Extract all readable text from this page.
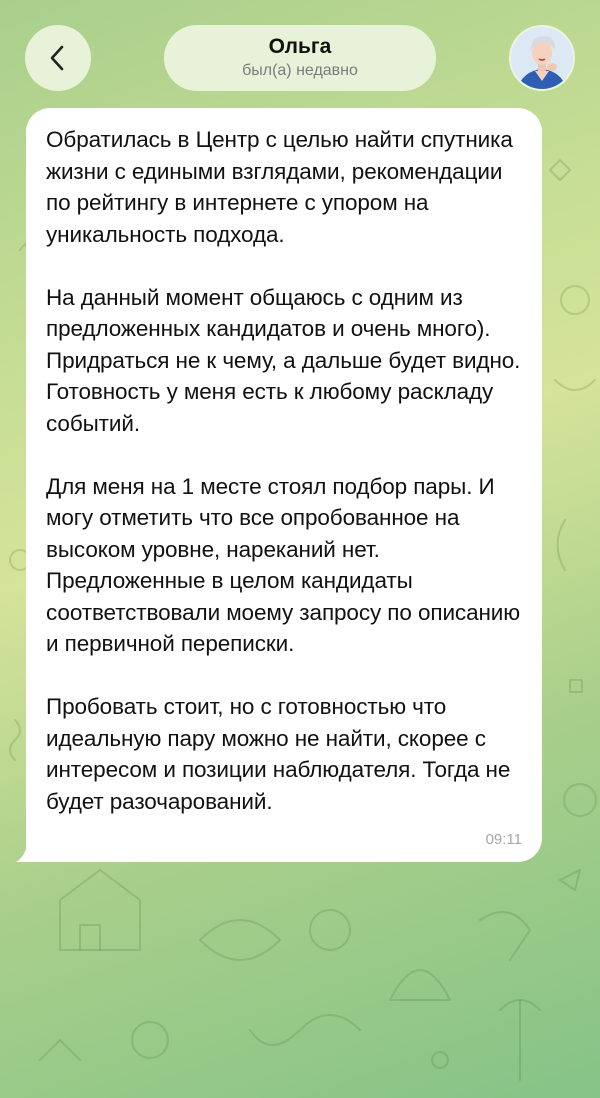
Ольга
был(а) недавно
Обратилась в Центр с целью найти спутника жизни с едиными взглядами, рекомендации по рейтингу в интернете с упором на уникальность подхода.

На данный момент общаюсь с одним из предложенных кандидатов и очень много). Придраться не к чему, а дальше будет видно. Готовность у меня есть к любому раскладу событий.

Для меня на 1 месте стоял подбор пары. И могу отметить что все опробованное на высоком уровне, нареканий нет. Предложенные в целом кандидаты соответствовали моему запросу по описанию и первичной переписки.

Пробовать стоит, но с готовностью что идеальную пару можно не найти, скорее с интересом и позиции наблюдателя. Тогда не будет разочарований.
09:11
